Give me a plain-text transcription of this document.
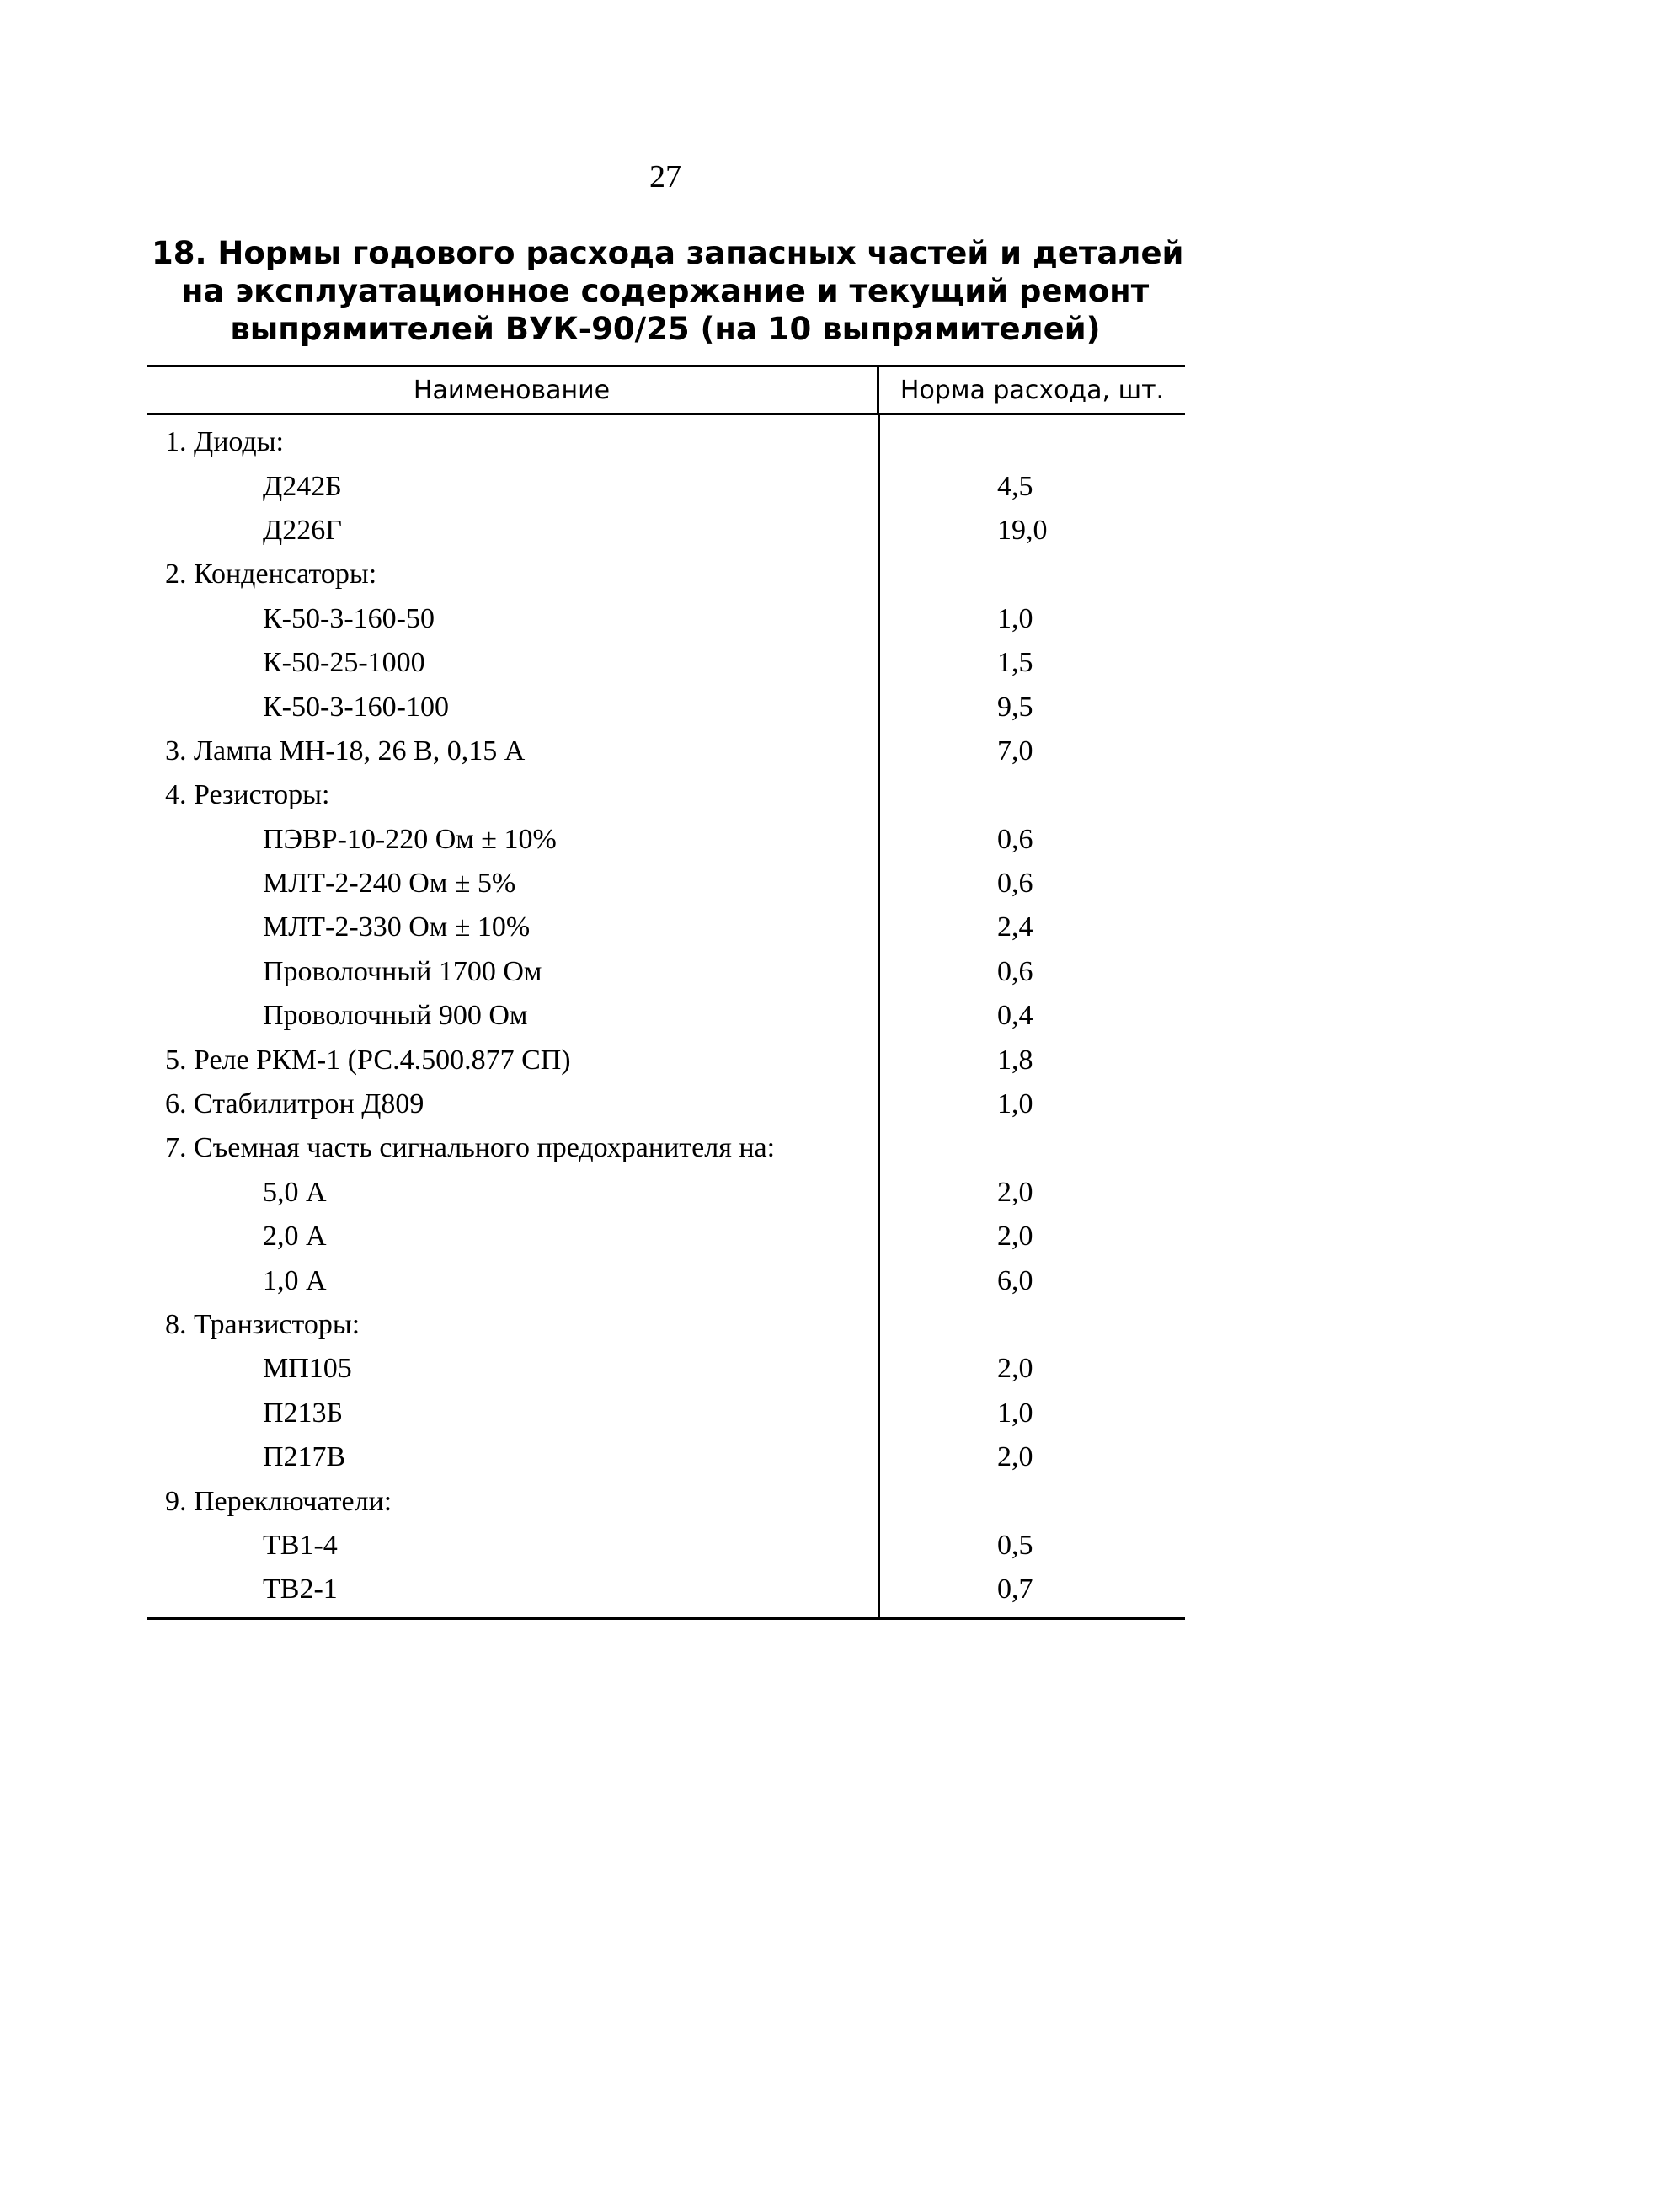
27
18. Нормы годового расхода запасных частей и деталей
на эксплуатационное содержание и текущий ремонт
выпрямителей ВУК-90/25 (на 10 выпрямителей)
Наименование	Норма расхода, шт.
1. Диоды:
Д242Б	4,5
Д226Г	19,0
2. Конденсаторы:
К-50-3-160-50	1,0
К-50-25-1000	1,5
К-50-3-160-100	9,5
3. Лампа МН-18, 26 В, 0,15 А	7,0
4. Резисторы:
ПЭВР-10-220 Ом ± 10%	0,6
МЛТ-2-240 Ом ± 5%	0,6
МЛТ-2-330 Ом ± 10%	2,4
Проволочный 1700 Ом	0,6
Проволочный 900 Ом	0,4
5. Реле РКМ-1 (РС.4.500.877 СП)	1,8
6. Стабилитрон Д809	1,0
7. Съемная часть сигнального предохранителя на:
5,0 А	2,0
2,0 А	2,0
1,0 А	6,0
8. Транзисторы:
МП105	2,0
П213Б	1,0
П217В	2,0
9. Переключатели:
ТВ1-4	0,5
ТВ2-1	0,7
